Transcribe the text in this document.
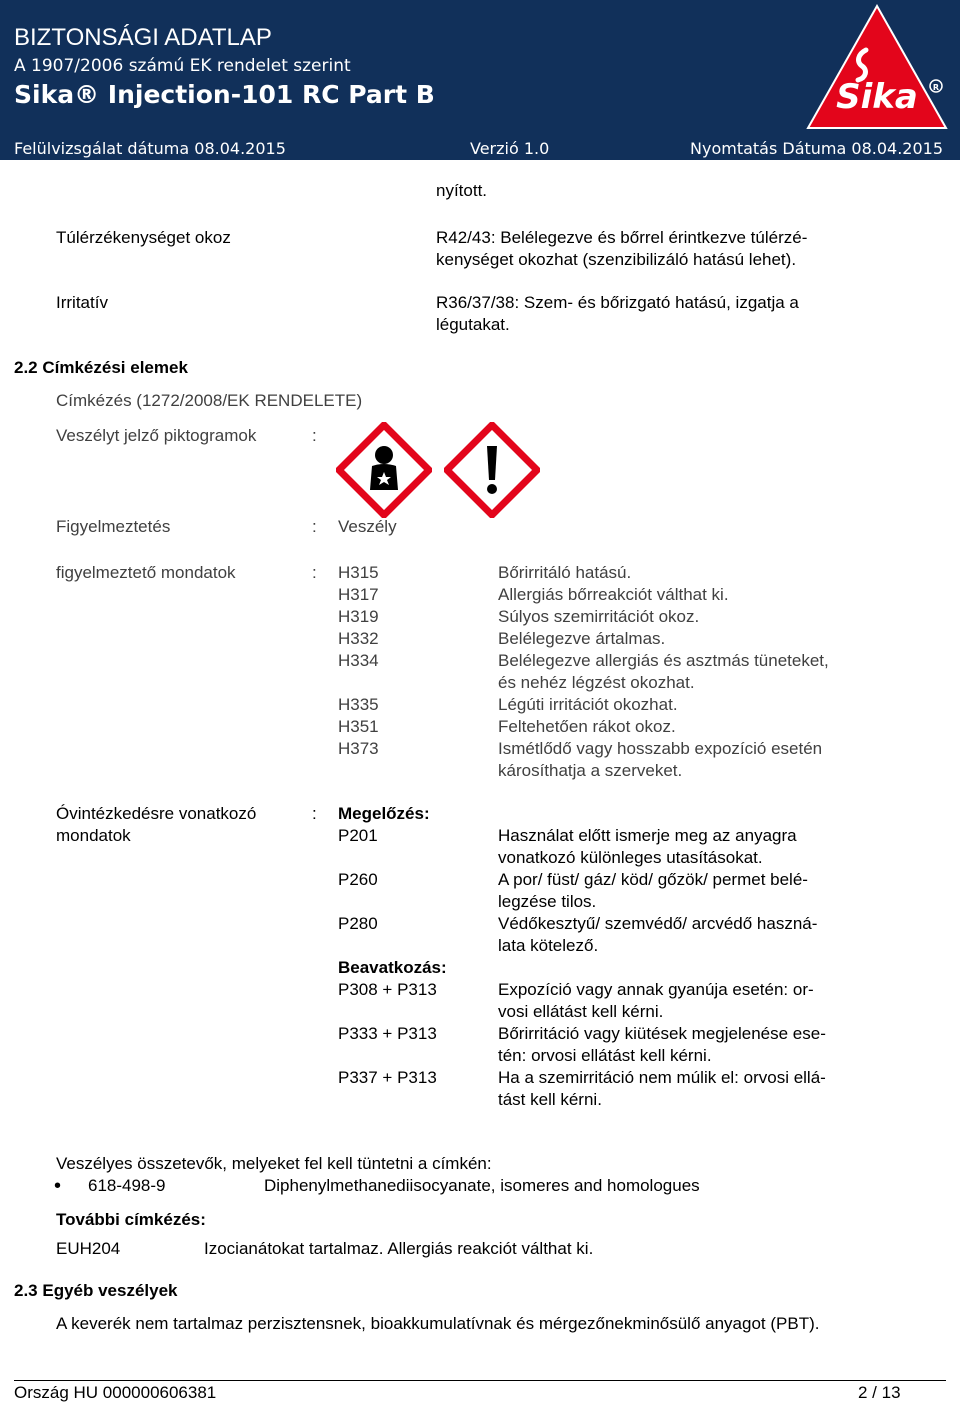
BIZTONSÁGI ADATLAP
A 1907/2006 számú EK rendelet szerint
Sika® Injection-101 RC Part B
Felülvizsgálat dátuma 08.04.2015	Verzió 1.0	Nyomtatás Dátuma 08.04.2015
Sika R
nyított.
Túlérzékenységet okoz	R42/43: Belélegezve és bőrrel érintkezve túlérzé-
kenységet okozhat (szenzibilizáló hatású lehet).
Irritatív	R36/37/38: Szem- és bőrizgató hatású, izgatja a
légutakat.
2.2 Címkézési elemek
Címkézés (1272/2008/EK RENDELETE)
Veszélyt jelző piktogramok	:
Figyelmeztetés	: Veszély
figyelmeztető mondatok	: H315	Bőrirritáló hatású.
H317	Allergiás bőrreakciót válthat ki.
H319	Súlyos szemirritációt okoz.
H332	Belélegezve ártalmas.
H334	Belélegezve allergiás és asztmás tüneteket,
és nehéz légzést okozhat.
H335	Légúti irritációt okozhat.
H351	Feltehetően rákot okoz.
H373	Ismétlődő vagy hosszabb expozíció esetén
károsíthatja a szerveket.
Óvintézkedésre vonatkozó
mondatok
: Megelőzés:
P201	Használat előtt ismerje meg az anyagra
vonatkozó különleges utasításokat.
P260	A por/ füst/ gáz/ köd/ gőzök/ permet belé-
legzése tilos.
P280	Védőkesztyű/ szemvédő/ arcvédő haszná-
lata kötelező.
Beavatkozás:
P308 + P313	Expozíció vagy annak gyanúja esetén: or-
vosi ellátást kell kérni.
P333 + P313	Bőrirritáció vagy kiütések megjelenése ese-
tén: orvosi ellátást kell kérni.
P337 + P313	Ha a szemirritáció nem múlik el: orvosi ellá-
tást kell kérni.
Veszélyes összetevők, melyeket fel kell tüntetni a címkén:
• 618-498-9	Diphenylmethanediisocyanate, isomeres and homologues
További címkézés:
EUH204	Izocianátokat tartalmaz. Allergiás reakciót válthat ki.
2.3 Egyéb veszélyek
A keverék nem tartalmaz perzisztensnek, bioakkumulatívnak és mérgezőnekminősülő anyagot (PBT).
Ország HU 000000606381	2 / 13
